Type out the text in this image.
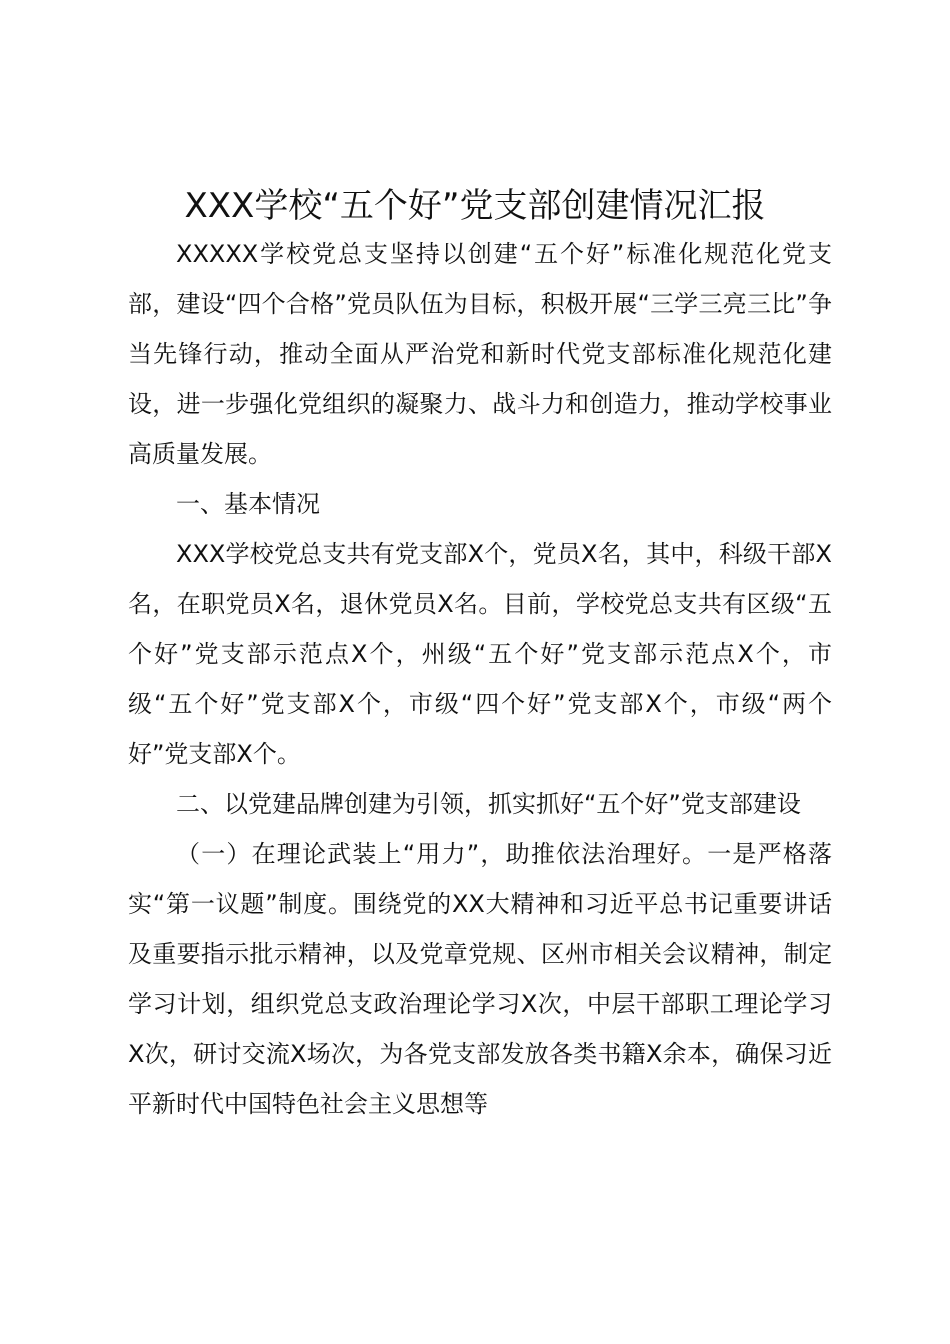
XXX学校“五个好”党支部创建情况汇报

XXXXX学校党总支坚持以创建“五个好”标准化规范化党支部，建设“四个合格”党员队伍为目标，积极开展“三学三亮三比”争当先锋行动，推动全面从严治党和新时代党支部标准化规范化建设，进一步强化党组织的凝聚力、战斗力和创造力，推动学校事业高质量发展。

一、基本情况

XXX学校党总支共有党支部X个，党员X名，其中，科级干部X名，在职党员X名，退休党员X名。目前，学校党总支共有区级“五个好”党支部示范点X个，州级“五个好”党支部示范点X个，市级“五个好”党支部X个，市级“四个好”党支部X个，市级“两个好”党支部X个。

二、以党建品牌创建为引领，抓实抓好“五个好”党支部建设

（一）在理论武装上“用力”，助推依法治理好。一是严格落实“第一议题”制度。围绕党的XX大精神和习近平总书记重要讲话及重要指示批示精神，以及党章党规、区州市相关会议精神，制定学习计划，组织党总支政治理论学习X次，中层干部职工理论学习X次，研讨交流X场次，为各党支部发放各类书籍X余本，确保习近平新时代中国特色社会主义思想等
